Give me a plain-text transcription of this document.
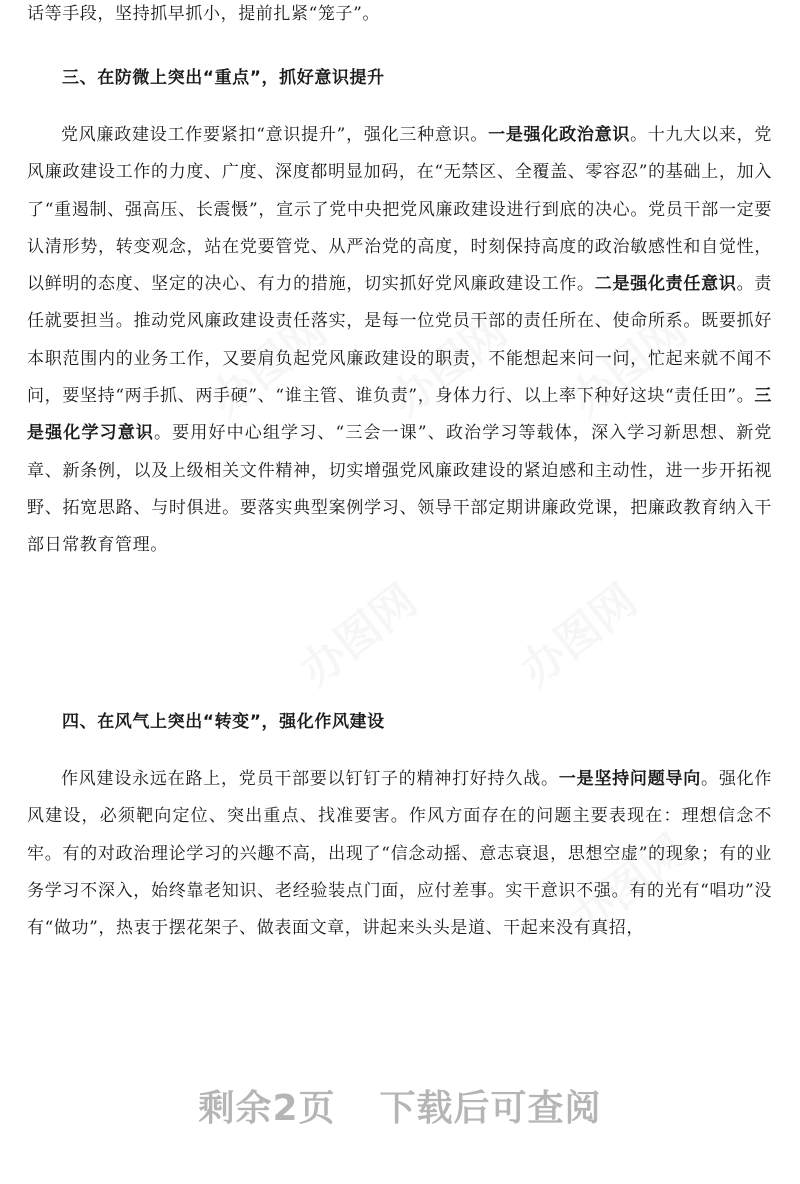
办图网 办图网 办图网
办图网 办图网
办图网
话等手段，坚持抓早抓小，提前扎紧“笼子”。
三、在防微上突出“重点”，抓好意识提升
党风廉政建设工作要紧扣“意识提升”，强化三种意识。一是强化政治意识。十九大以来，党风廉政建设工作的力度、广度、深度都明显加码，在“无禁区、全覆盖、零容忍”的基础上，加入了“重遏制、强高压、长震慑”，宣示了党中央把党风廉政建设进行到底的决心。党员干部一定要认清形势，转变观念，站在党要管党、从严治党的高度，时刻保持高度的政治敏感性和自觉性，以鲜明的态度、坚定的决心、有力的措施，切实抓好党风廉政建设工作。二是强化责任意识。责任就要担当。推动党风廉政建设责任落实，是每一位党员干部的责任所在、使命所系。既要抓好本职范围内的业务工作，又要肩负起党风廉政建设的职责，不能想起来问一问，忙起来就不闻不问，要坚持“两手抓、两手硬”、“谁主管、谁负责”，身体力行、以上率下种好这块“责任田”。三是强化学习意识。要用好中心组学习、“三会一课”、政治学习等载体，深入学习新思想、新党章、新条例，以及上级相关文件精神，切实增强党风廉政建设的紧迫感和主动性，进一步开拓视野、拓宽思路、与时俱进。要落实典型案例学习、领导干部定期讲廉政党课，把廉政教育纳入干部日常教育管理。
四、在风气上突出“转变”，强化作风建设
作风建设永远在路上，党员干部要以钉钉子的精神打好持久战。一是坚持问题导向。强化作风建设，必须靶向定位、突出重点、找准要害。作风方面存在的问题主要表现在：理想信念不牢。有的对政治理论学习的兴趣不高，出现了“信念动摇、意志衰退，思想空虚”的现象；有的业务学习不深入，始终靠老知识、老经验装点门面，应付差事。实干意识不强。有的光有“唱功”没有“做功”，热衷于摆花架子、做表面文章，讲起来头头是道、干起来没有真招，
剩余2页 下载后可查阅
